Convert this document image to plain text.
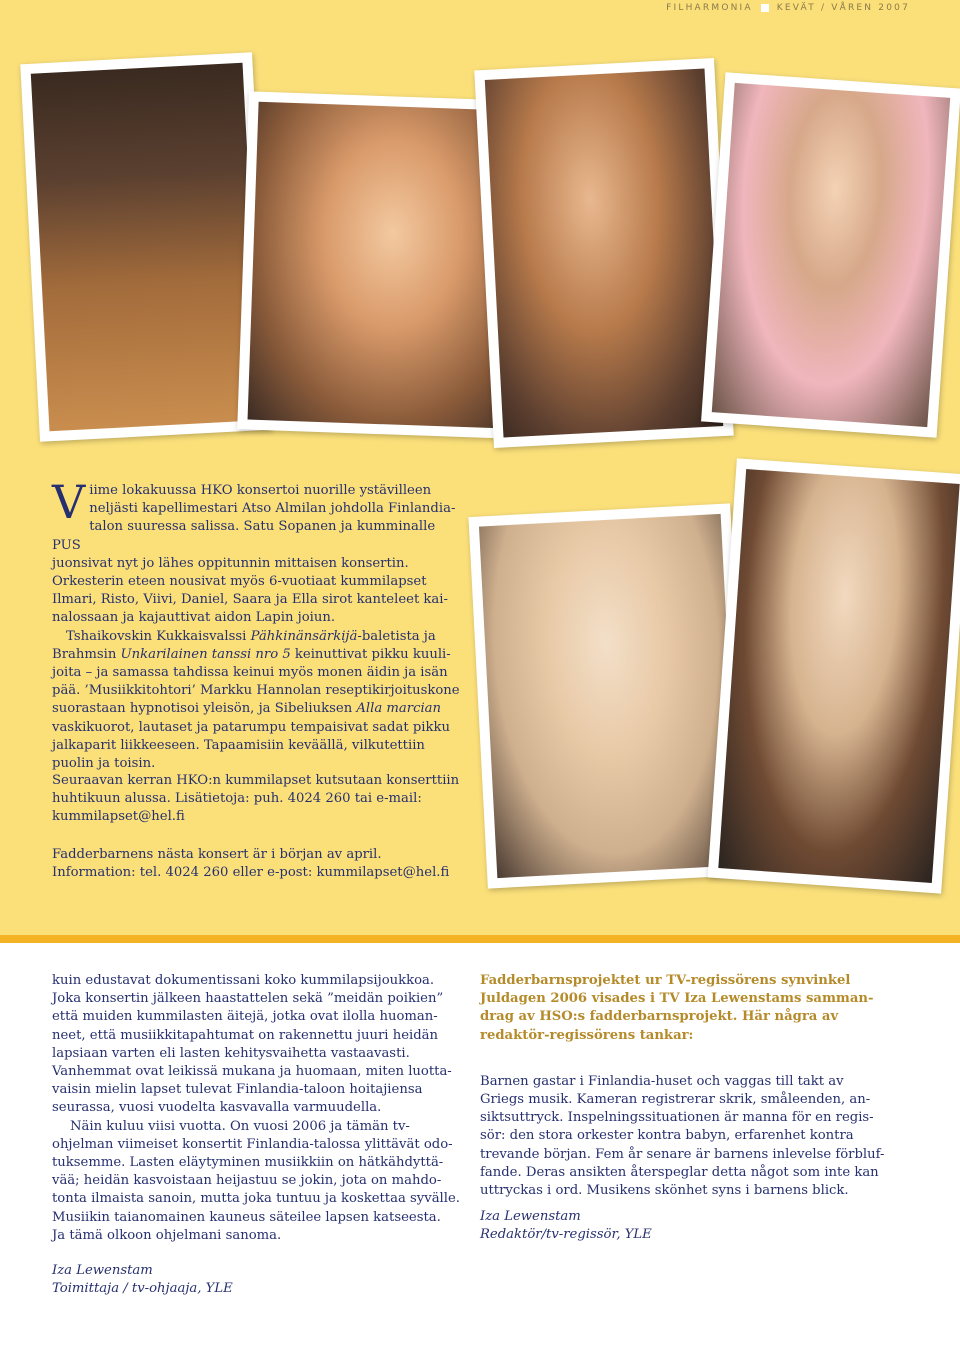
FILHARMONIA	KEVÄT / VÅREN 2007
V iime lokakuussa HKO konsertoi nuorille ystävilleen
neljästi kapellimestari Atso Almilan johdolla Finlandia-
talon suuressa salissa. Satu Sopanen ja kumminalle PUS
juonsivat nyt jo lähes oppitunnin mittaisen konsertin.
Orkesterin eteen nousivat myös 6-vuotiaat kummilapset
Ilmari, Risto, Viivi, Daniel, Saara ja Ella sirot kanteleet kai-
nalossaan ja kajauttivat aidon Lapin joiun.

Tshaikovskin Kukkaisvalssi Pähkinänsärkijä-baletista ja
Brahmsin Unkarilainen tanssi nro 5 keinuttivat pikku kuuli-
joita – ja samassa tahdissa keinui myös monen äidin ja isän
pää. ’Musiikkitohtori’ Markku Hannolan reseptikirjoituskone
suorastaan hypnotisoi yleisön, ja Sibeliuksen Alla marcian
vaskikuorot, lautaset ja patarumpu tempaisivat sadat pikku
jalkaparit liikkeeseen. Tapaamisiin keväällä, vilkutettiin
puolin ja toisin.

Seuraavan kerran HKO:n kummilapset kutsutaan konserttiin
huhtikuun alussa. Lisätietoja: puh. 4024 260 tai e-mail:
kummilapset@hel.fi
Fadderbarnens nästa konsert är i början av april.
Information: tel. 4024 260 eller e-post: kummilapset@hel.fi

kuin edustavat dokumentissani koko kummilapsijoukkoa.
Joka konsertin jälkeen haastattelen sekä ”meidän poikien”
että muiden kummilasten äitejä, jotka ovat ilolla huoman-
neet, että musiikkitapahtumat on rakennettu juuri heidän
lapsiaan varten eli lasten kehitysvaihetta vastaavasti.
Vanhemmat ovat leikissä mukana ja huomaan, miten luotta-
vaisin mielin lapset tulevat Finlandia-taloon hoitajiensa
seurassa, vuosi vuodelta kasvavalla varmuudella.

Näin kuluu viisi vuotta. On vuosi 2006 ja tämän tv-
ohjelman viimeiset konsertit Finlandia-talossa ylittävät odo-
tuksemme. Lasten eläytyminen musiikkiin on hätkähdyttä-
vää; heidän kasvoistaan heijastuu se jokin, jota on mahdo-
tonta ilmaista sanoin, mutta joka tuntuu ja koskettaa syvälle.
Musiikin taianomainen kauneus säteilee lapsen katseesta.
Ja tämä olkoon ohjelmani sanoma.

Iza Lewenstam
Toimittaja / tv-ohjaaja, YLE

Fadderbarnsprojektet ur TV-regissörens synvinkel
Juldagen 2006 visades i TV Iza Lewenstams samman-
drag av HSO:s fadderbarnsprojekt. Här några av
redaktör-regissörens tankar:

Barnen gastar i Finlandia-huset och vaggas till takt av
Griegs musik. Kameran registrerar skrik, småleenden, an-
siktsuttryck. Inspelningssituationen är manna för en regis-
sör: den stora orkester kontra babyn, erfarenhet kontra
trevande början. Fem år senare är barnens inlevelse förbluf-
fande. Deras ansikten återspeglar detta något som inte kan
uttryckas i ord. Musikens skönhet syns i barnens blick.

Iza Lewenstam
Redaktör/tv-regissör, YLE
